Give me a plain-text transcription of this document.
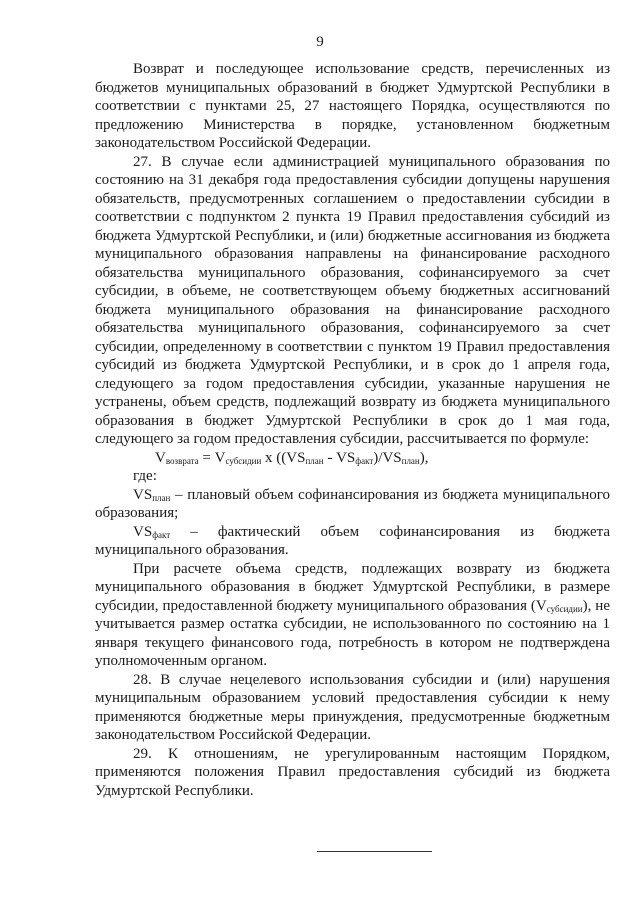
9

Возврат и последующее использование средств, перечисленных из бюджетов муниципальных образований в бюджет Удмуртской Республики в соответствии с пунктами 25, 27 настоящего Порядка, осуществляются по предложению Министерства в порядке, установленном бюджетным законодательством Российской Федерации.

27. В случае если администрацией муниципального образования по состоянию на 31 декабря года предоставления субсидии допущены нарушения обязательств, предусмотренных соглашением о предоставлении субсидии в соответствии с подпунктом 2 пункта 19 Правил предоставления субсидий из бюджета Удмуртской Республики, и (или) бюджетные ассигнования из бюджета муниципального образования направлены на финансирование расходного обязательства муниципального образования, софинансируемого за счет субсидии, в объеме, не соответствующем объему бюджетных ассигнований бюджета муниципального образования на финансирование расходного обязательства муниципального образования, софинансируемого за счет субсидии, определенному в соответствии с пунктом 19 Правил предоставления субсидий из бюджета Удмуртской Республики, и в срок до 1 апреля года, следующего за годом предоставления субсидии, указанные нарушения не устранены, объем средств, подлежащий возврату из бюджета муниципального образования в бюджет Удмуртской Республики в срок до 1 мая года, следующего за годом предоставления субсидии, рассчитывается по формуле:

$V_{возврата} = V_{субсидии}$ х $((VS_{план} - VS_{факт})/VS_{план})$,

где:

$VS_{план}$ – плановый объем софинансирования из бюджета муниципального образования;

$VS_{факт}$ – фактический объем софинансирования из бюджета муниципального образования.

При расчете объема средств, подлежащих возврату из бюджета муниципального образования в бюджет Удмуртской Республики, в размере субсидии, предоставленной бюджету муниципального образования $(V_{субсидии})$, не учитывается размер остатка субсидии, не использованного по состоянию на 1 января текущего финансового года, потребность в котором не подтверждена уполномоченным органом.

28. В случае нецелевого использования субсидии и (или) нарушения муниципальным образованием условий предоставления субсидии к нему применяются бюджетные меры принуждения, предусмотренные бюджетным законодательством Российской Федерации.

29. К отношениям, не урегулированным настоящим Порядком, применяются положения Правил предоставления субсидий из бюджета Удмуртской Республики.
